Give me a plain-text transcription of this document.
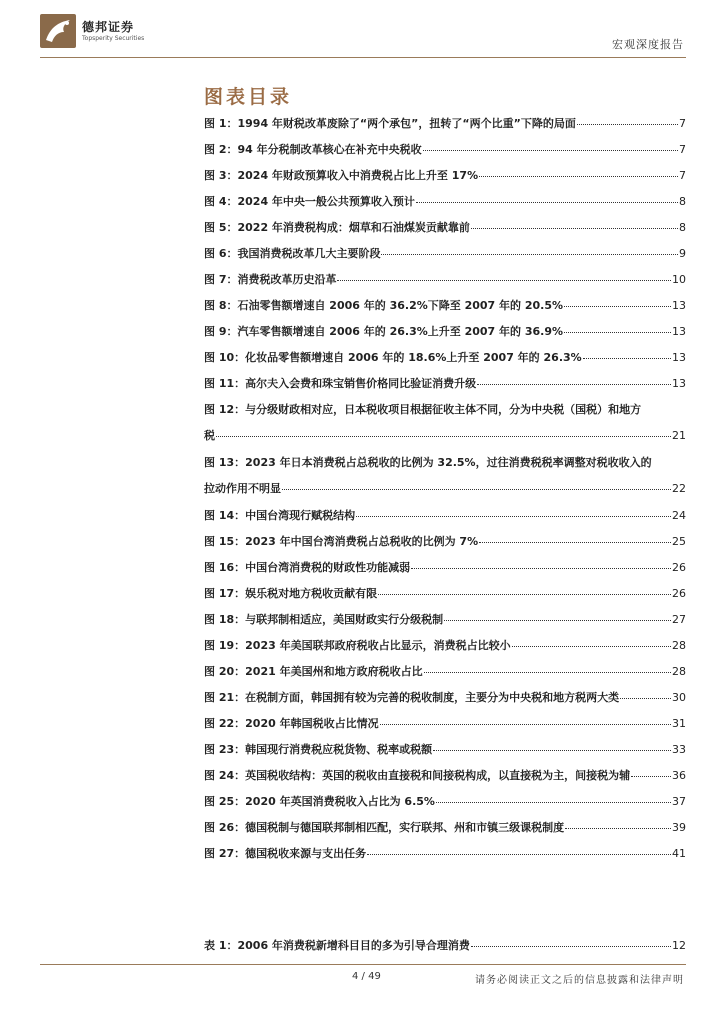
德邦证券
Topsperity Securities	宏观深度报告
图表目录
图 1：1994 年财税改革废除了“两个承包”，扭转了“两个比重”下降的局面	7
图 2：94 年分税制改革核心在补充中央税收	7
图 3：2024 年财政预算收入中消费税占比上升至 17%	7
图 4：2024 年中央一般公共预算收入预计	8
图 5：2022 年消费税构成：烟草和石油煤炭贡献靠前	8
图 6：我国消费税改革几大主要阶段	9
图 7：消费税改革历史沿革	10
图 8：石油零售额增速自 2006 年的 36.2%下降至 2007 年的 20.5%	13
图 9：汽车零售额增速自 2006 年的 26.3%上升至 2007 年的 36.9%	13
图 10：化妆品零售额增速自 2006 年的 18.6%上升至 2007 年的 26.3%	13
图 11：高尔夫入会费和珠宝销售价格同比验证消费升级	13
图 12：与分级财政相对应，日本税收项目根据征收主体不同，分为中央税（国税）和地方
税	21
图 13：2023 年日本消费税占总税收的比例为 32.5%，过往消费税税率调整对税收收入的
拉动作用不明显	22
图 14：中国台湾现行赋税结构	24
图 15：2023 年中国台湾消费税占总税收的比例为 7%	25
图 16：中国台湾消费税的财政性功能减弱	26
图 17：娱乐税对地方税收贡献有限	26
图 18：与联邦制相适应，美国财政实行分级税制	27
图 19：2023 年美国联邦政府税收占比显示，消费税占比较小	28
图 20：2021 年美国州和地方政府税收占比	28
图 21：在税制方面，韩国拥有较为完善的税收制度，主要分为中央税和地方税两大类	30
图 22：2020 年韩国税收占比情况	31
图 23：韩国现行消费税应税货物、税率或税额	33
图 24：英国税收结构：英国的税收由直接税和间接税构成，以直接税为主，间接税为辅	36
图 25：2020 年英国消费税收入占比为 6.5%	37
图 26：德国税制与德国联邦制相匹配，实行联邦、州和市镇三级课税制度	39
图 27：德国税收来源与支出任务	41
表 1：2006 年消费税新增科目目的多为引导合理消费	12
4 / 49	请务必阅读正文之后的信息披露和法律声明
